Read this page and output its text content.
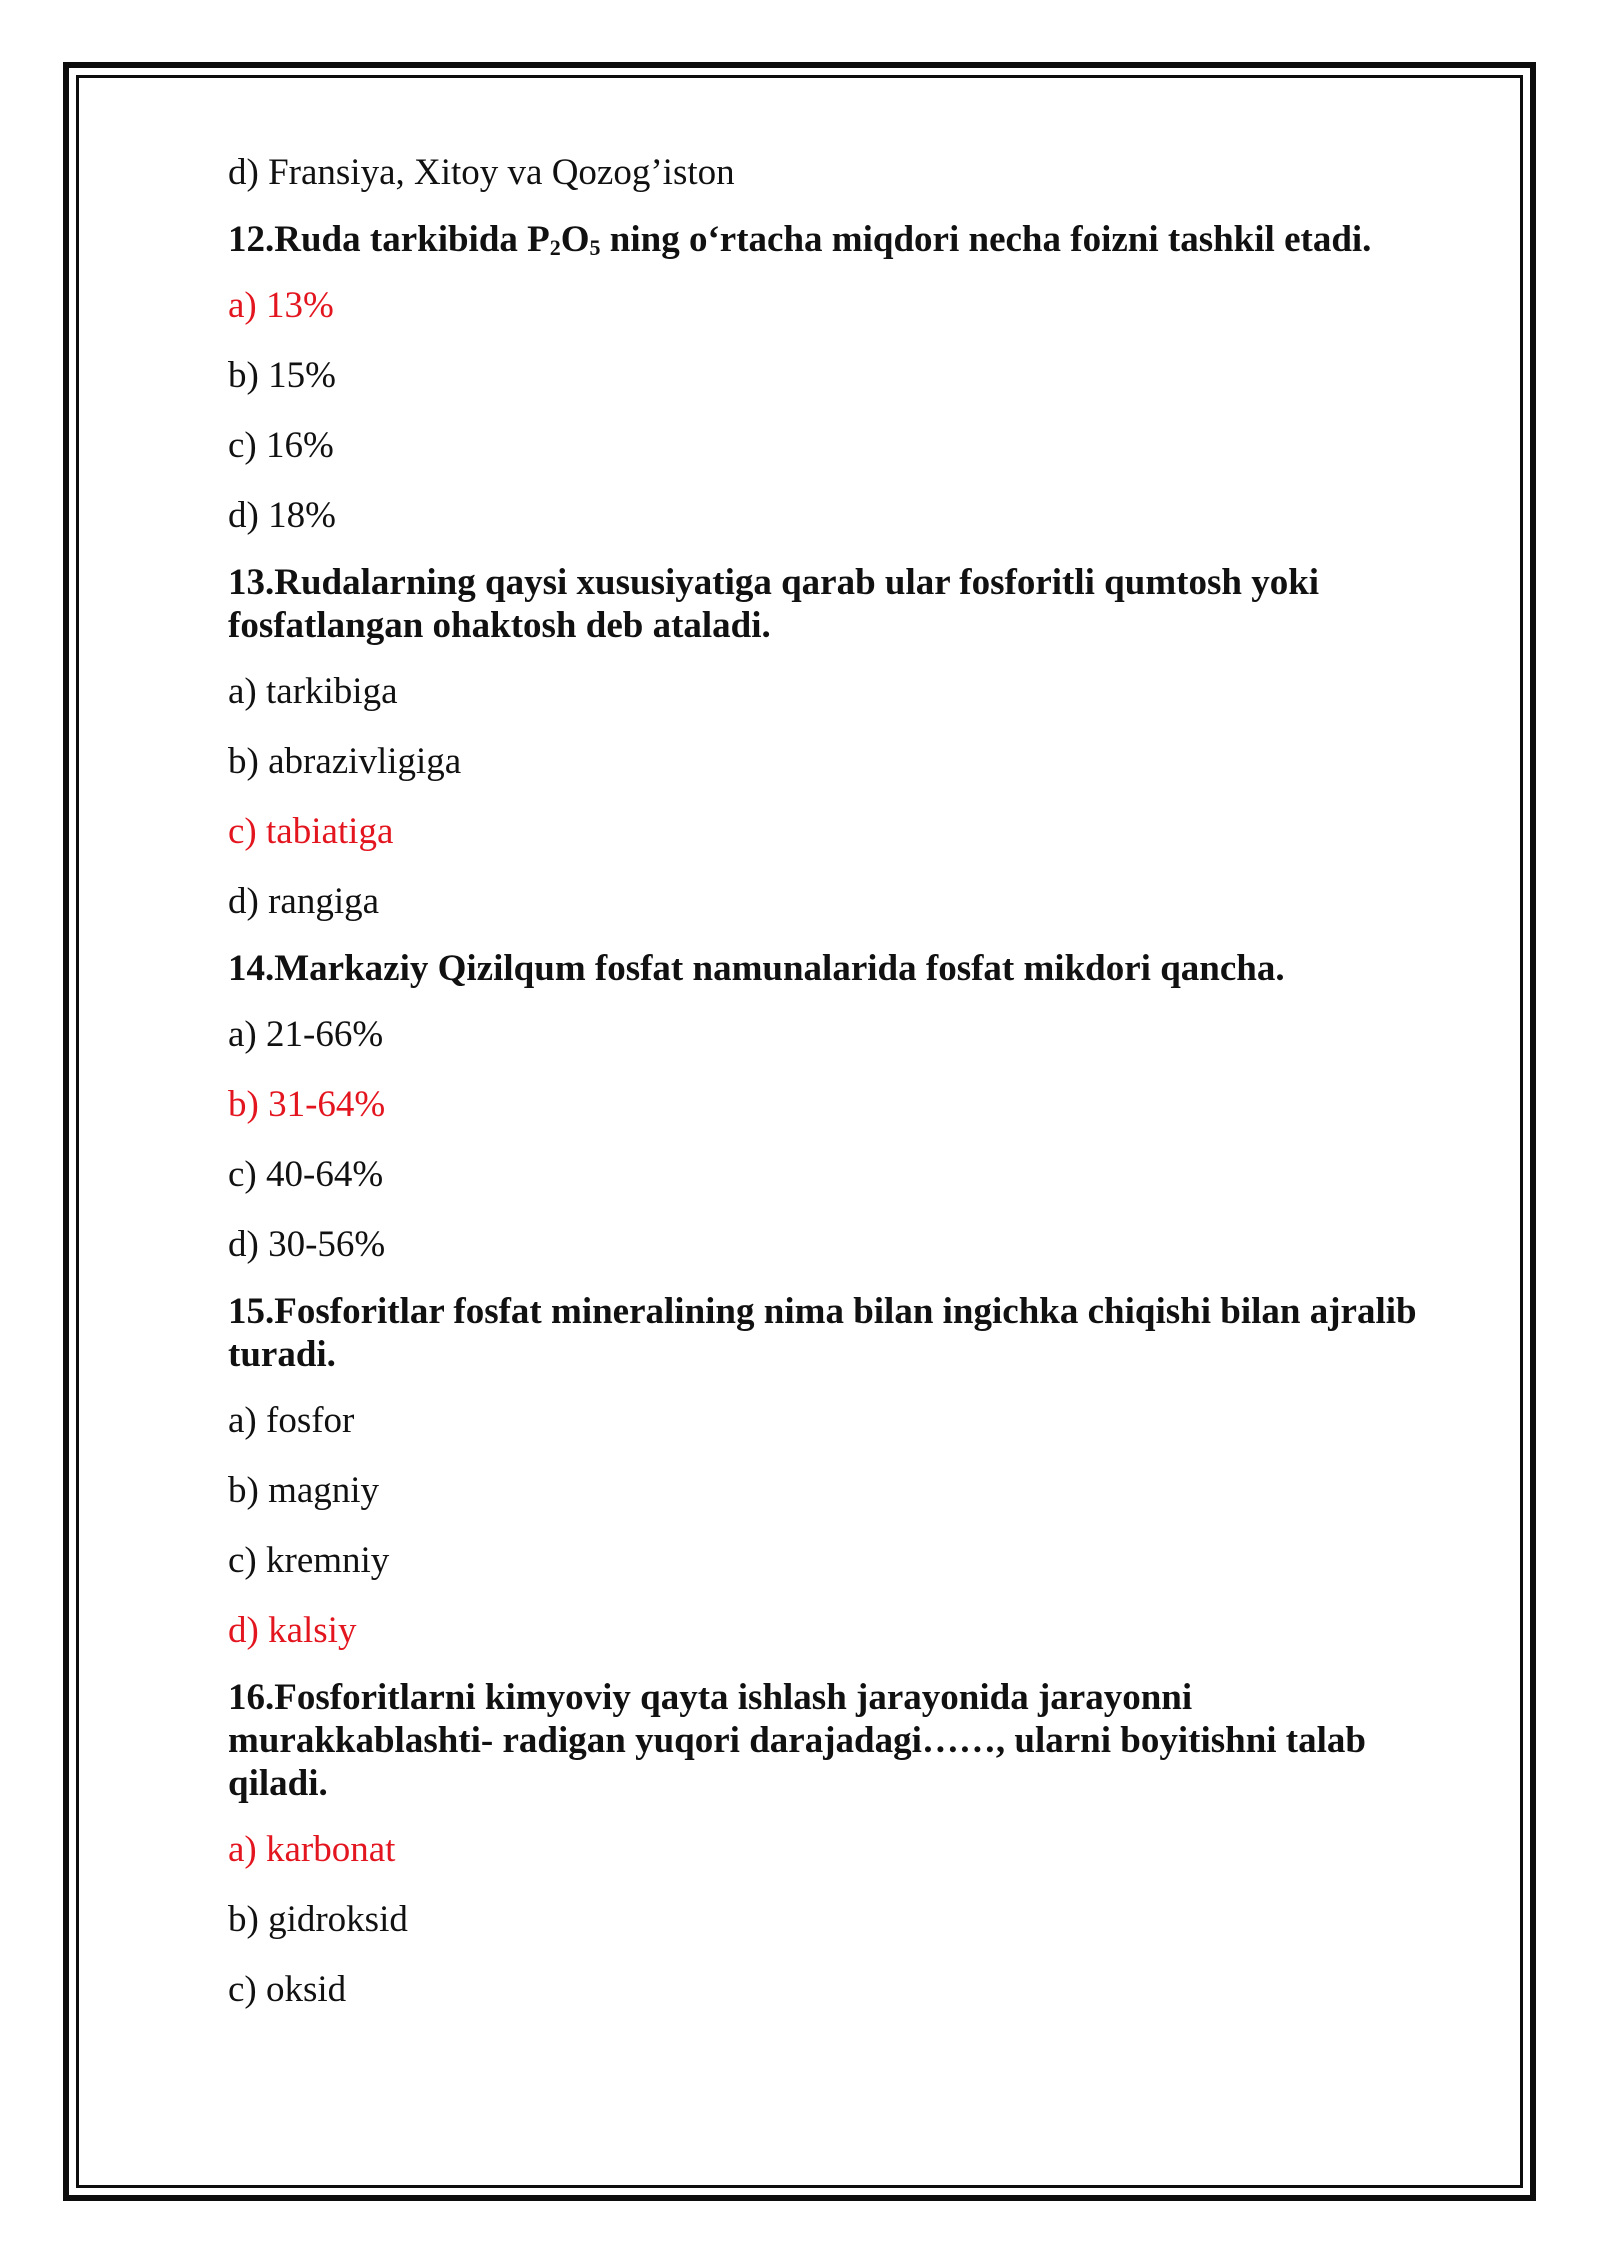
d) Fransiya, Xitoy va Qozog’iston
12.Ruda tarkibida $P_2O_5$ ning o‘rtacha miqdori necha foizni tashkil etadi.
a) 13%
b) 15%
c) 16%
d) 18%
13.Rudalarning qaysi xususiyatiga qarab ular fosforitli qumtosh yoki fosfatlangan ohaktosh deb ataladi.
a) tarkibiga
b) abrazivligiga
c) tabiatiga
d) rangiga
14.Markaziy Qizilqum fosfat namunalarida fosfat mikdori qancha.
a) 21-66%
b) 31-64%
c) 40-64%
d) 30-56%
15.Fosforitlar fosfat mineralining nima bilan ingichka chiqishi bilan ajralib turadi.
a) fosfor
b) magniy
c) kremniy
d) kalsiy
16.Fosforitlarni kimyoviy qayta ishlash jarayonida jarayonni murakkablashti- radigan yuqori darajadagi……, ularni boyitishni talab qiladi.
a) karbonat
b) gidroksid
c) oksid
